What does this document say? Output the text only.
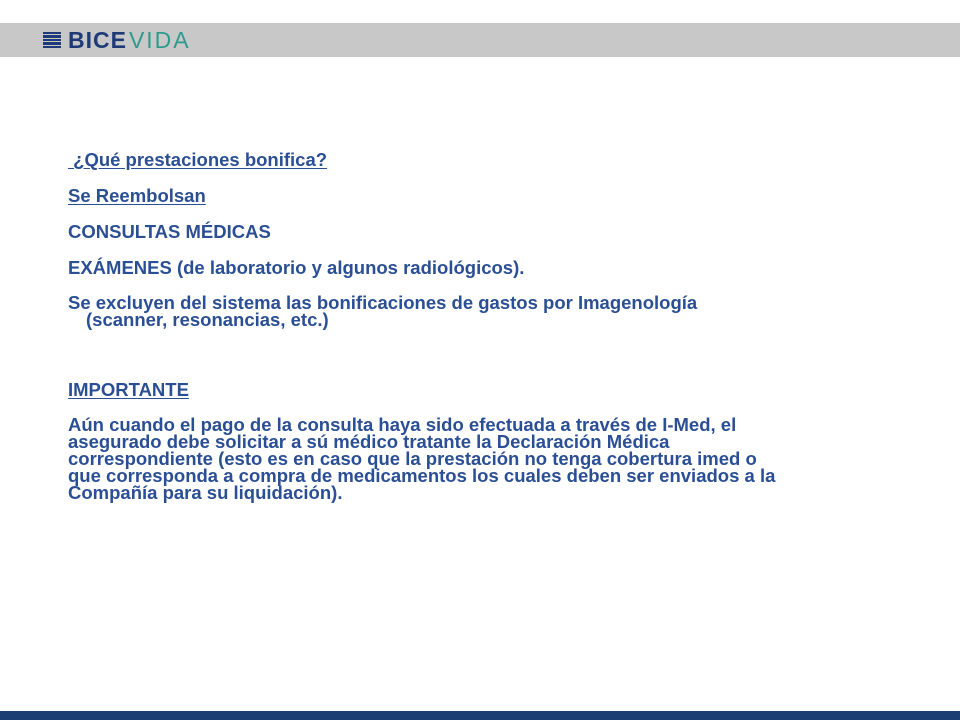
BICE VIDA

¿Qué prestaciones bonifica?

Se Reembolsan

CONSULTAS MÉDICAS

EXÁMENES (de laboratorio y algunos radiológicos).

Se excluyen del sistema las bonificaciones de gastos por Imagenología
(scanner, resonancias, etc.)

IMPORTANTE

Aún cuando el pago de la consulta haya sido efectuada a través de I-Med, el
asegurado debe solicitar a sú médico tratante la Declaración Médica
correspondiente (esto es en caso que la prestación no tenga cobertura imed o
que corresponda a compra de medicamentos los cuales deben ser enviados a la
Compañía para su liquidación).
